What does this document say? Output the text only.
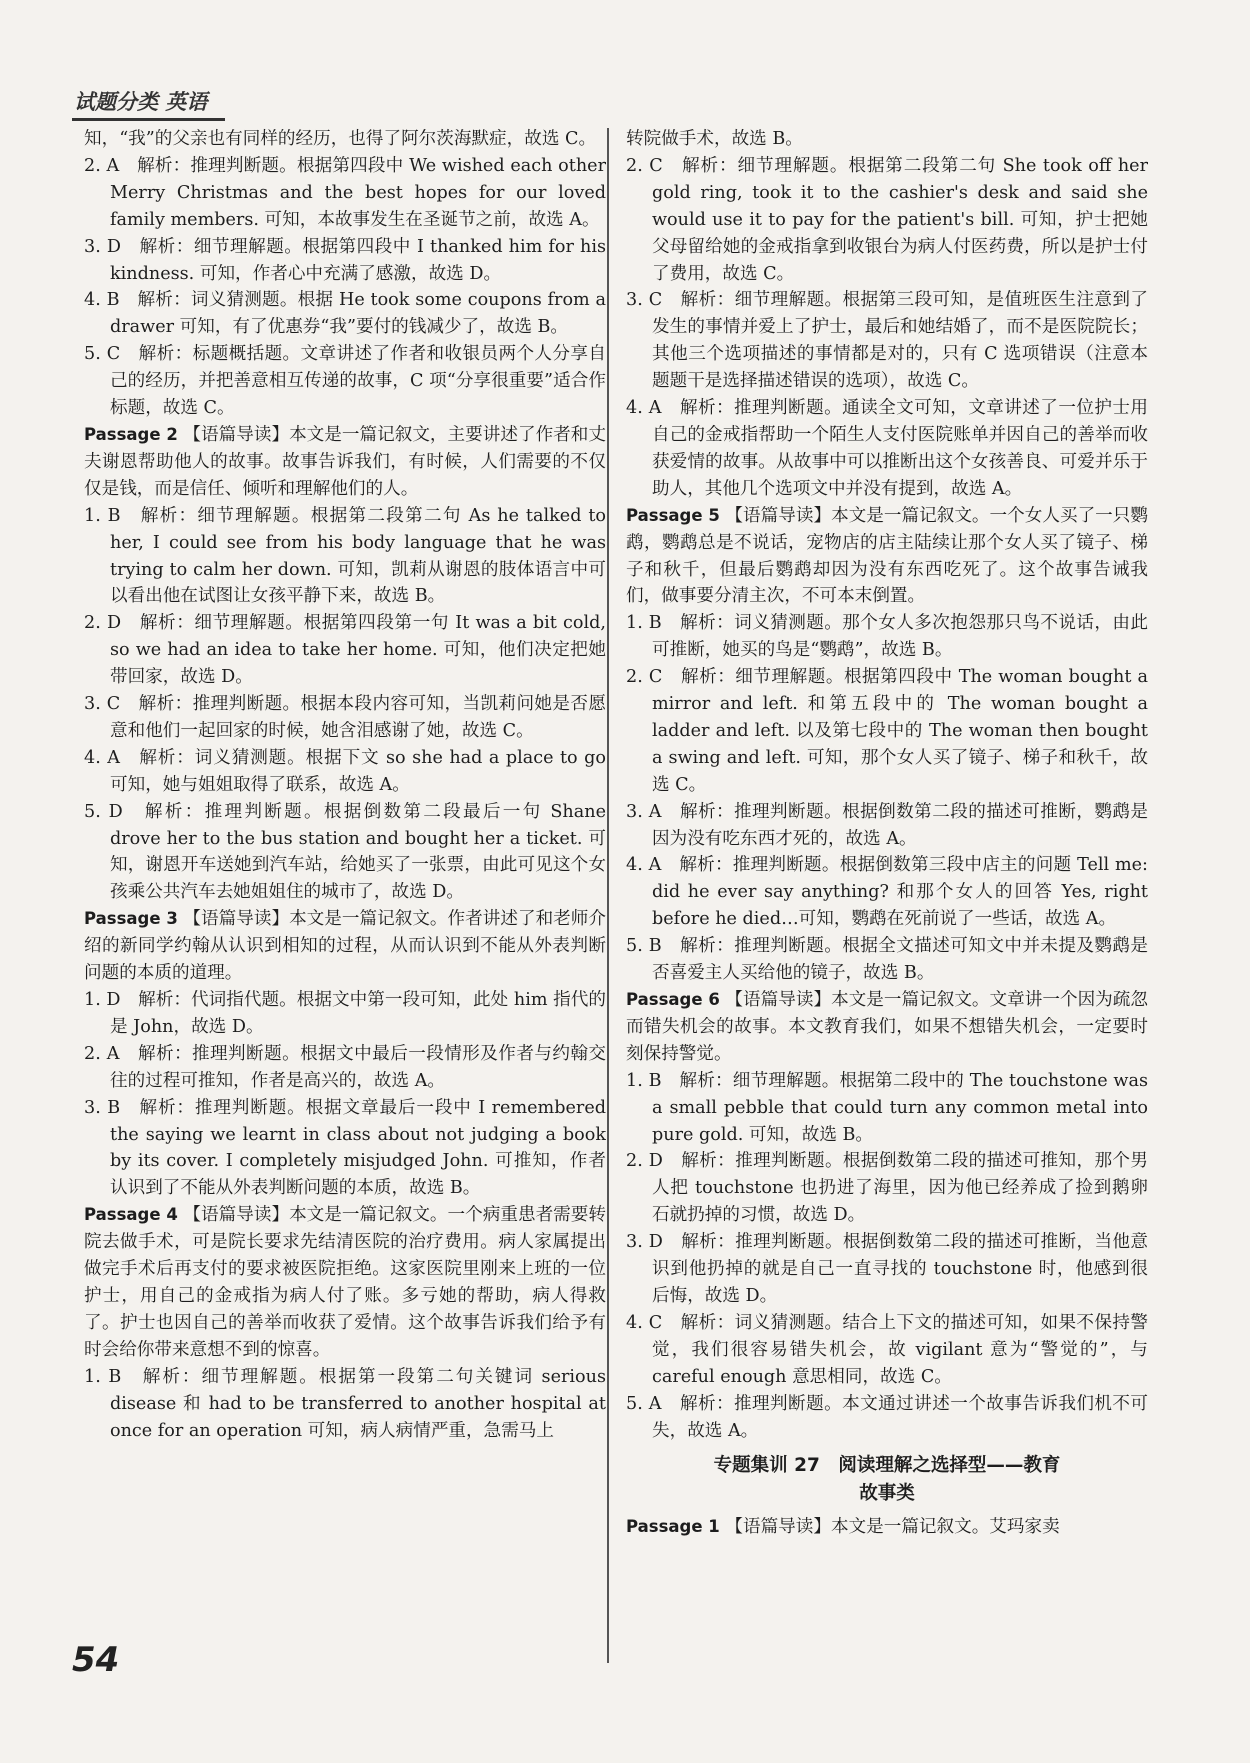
试题分类 英语

知，“我”的父亲也有同样的经历，也得了阿尔茨海默症，故选 C。

2. A　解析：推理判断题。根据第四段中 We wished each other Merry Christmas and the best hopes for our loved family members. 可知，本故事发生在圣诞节之前，故选 A。

3. D　解析：细节理解题。根据第四段中 I thanked him for his kindness. 可知，作者心中充满了感激，故选 D。

4. B　解析：词义猜测题。根据 He took some coupons from a drawer 可知，有了优惠券“我”要付的钱减少了，故选 B。

5. C　解析：标题概括题。文章讲述了作者和收银员两个人分享自己的经历，并把善意相互传递的故事，C 项“分享很重要”适合作标题，故选 C。

Passage 2 【语篇导读】本文是一篇记叙文，主要讲述了作者和丈夫谢恩帮助他人的故事。故事告诉我们，有时候，人们需要的不仅仅是钱，而是信任、倾听和理解他们的人。

1. B　解析：细节理解题。根据第二段第二句 As he talked to her, I could see from his body language that he was trying to calm her down. 可知，凯莉从谢恩的肢体语言中可以看出他在试图让女孩平静下来，故选 B。

2. D　解析：细节理解题。根据第四段第一句 It was a bit cold, so we had an idea to take her home. 可知，他们决定把她带回家，故选 D。

3. C　解析：推理判断题。根据本段内容可知，当凯莉问她是否愿意和他们一起回家的时候，她含泪感谢了她，故选 C。

4. A　解析：词义猜测题。根据下文 so she had a place to go 可知，她与姐姐取得了联系，故选 A。

5. D　解析：推理判断题。根据倒数第二段最后一句 Shane drove her to the bus station and bought her a ticket. 可知，谢恩开车送她到汽车站，给她买了一张票，由此可见这个女孩乘公共汽车去她姐姐住的城市了，故选 D。

Passage 3 【语篇导读】本文是一篇记叙文。作者讲述了和老师介绍的新同学约翰从认识到相知的过程，从而认识到不能从外表判断问题的本质的道理。

1. D　解析：代词指代题。根据文中第一段可知，此处 him 指代的是 John，故选 D。

2. A　解析：推理判断题。根据文中最后一段情形及作者与约翰交往的过程可推知，作者是高兴的，故选 A。

3. B　解析：推理判断题。根据文章最后一段中 I remembered the saying we learnt in class about not judging a book by its cover. I completely misjudged John. 可推知，作者认识到了不能从外表判断问题的本质，故选 B。

Passage 4 【语篇导读】本文是一篇记叙文。一个病重患者需要转院去做手术，可是院长要求先结清医院的治疗费用。病人家属提出做完手术后再支付的要求被医院拒绝。这家医院里刚来上班的一位护士，用自己的金戒指为病人付了账。多亏她的帮助，病人得救了。护士也因自己的善举而收获了爱情。这个故事告诉我们给予有时会给你带来意想不到的惊喜。

1. B　解析：细节理解题。根据第一段第二句关键词 serious disease 和 had to be transferred to another hospital at once for an operation 可知，病人病情严重，急需马上

转院做手术，故选 B。

2. C　解析：细节理解题。根据第二段第二句 She took off her gold ring, took it to the cashier's desk and said she would use it to pay for the patient's bill. 可知，护士把她父母留给她的金戒指拿到收银台为病人付医药费，所以是护士付了费用，故选 C。

3. C　解析：细节理解题。根据第三段可知，是值班医生注意到了发生的事情并爱上了护士，最后和她结婚了，而不是医院院长；其他三个选项描述的事情都是对的，只有 C 选项错误（注意本题题干是选择描述错误的选项），故选 C。

4. A　解析：推理判断题。通读全文可知，文章讲述了一位护士用自己的金戒指帮助一个陌生人支付医院账单并因自己的善举而收获爱情的故事。从故事中可以推断出这个女孩善良、可爱并乐于助人，其他几个选项文中并没有提到，故选 A。

Passage 5 【语篇导读】本文是一篇记叙文。一个女人买了一只鹦鹉，鹦鹉总是不说话，宠物店的店主陆续让那个女人买了镜子、梯子和秋千，但最后鹦鹉却因为没有东西吃死了。这个故事告诫我们，做事要分清主次，不可本末倒置。

1. B　解析：词义猜测题。那个女人多次抱怨那只鸟不说话，由此可推断，她买的鸟是“鹦鹉”，故选 B。

2. C　解析：细节理解题。根据第四段中 The woman bought a mirror and left. 和第五段中的 The woman bought a ladder and left. 以及第七段中的 The woman then bought a swing and left. 可知，那个女人买了镜子、梯子和秋千，故选 C。

3. A　解析：推理判断题。根据倒数第二段的描述可推断，鹦鹉是因为没有吃东西才死的，故选 A。

4. A　解析：推理判断题。根据倒数第三段中店主的问题 Tell me: did he ever say anything? 和那个女人的回答 Yes, right before he died…可知，鹦鹉在死前说了一些话，故选 A。

5. B　解析：推理判断题。根据全文描述可知文中并未提及鹦鹉是否喜爱主人买给他的镜子，故选 B。

Passage 6 【语篇导读】本文是一篇记叙文。文章讲一个因为疏忽而错失机会的故事。本文教育我们，如果不想错失机会，一定要时刻保持警觉。

1. B　解析：细节理解题。根据第二段中的 The touchstone was a small pebble that could turn any common metal into pure gold. 可知，故选 B。

2. D　解析：推理判断题。根据倒数第二段的描述可推知，那个男人把 touchstone 也扔进了海里，因为他已经养成了捡到鹅卵石就扔掉的习惯，故选 D。

3. D　解析：推理判断题。根据倒数第二段的描述可推断，当他意识到他扔掉的就是自己一直寻找的 touchstone 时，他感到很后悔，故选 D。

4. C　解析：词义猜测题。结合上下文的描述可知，如果不保持警觉，我们很容易错失机会，故 vigilant 意为“警觉的”，与 careful enough 意思相同，故选 C。

5. A　解析：推理判断题。本文通过讲述一个故事告诉我们机不可失，故选 A。

专题集训 27　阅读理解之选择型——教育
故事类

Passage 1 【语篇导读】本文是一篇记叙文。艾玛家卖

54
